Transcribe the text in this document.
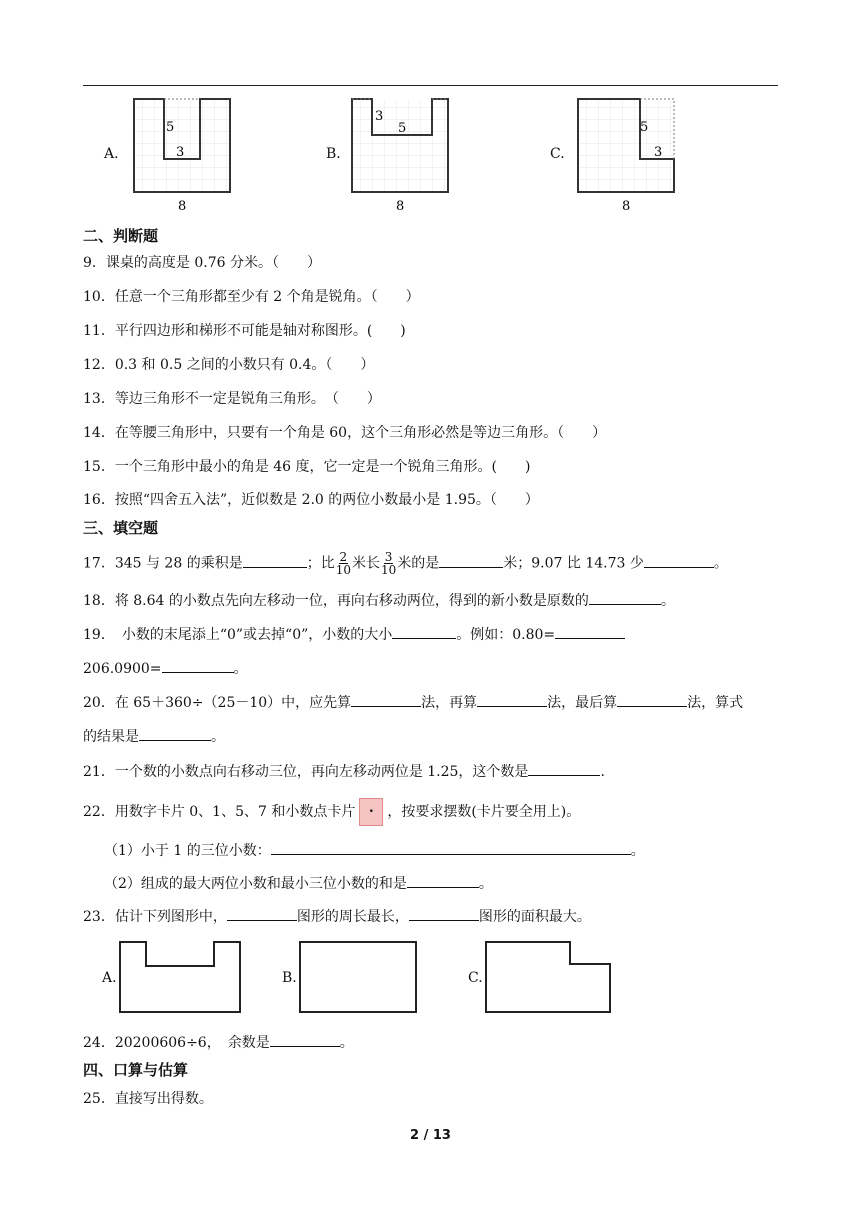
A.
5
3
8
B.
3
5
8
C.
5
3
8
二、判断题
9．课桌的高度是 0.76 分米。（　　）
10．任意一个三角形都至少有 2 个角是锐角。（　　）
11．平行四边形和梯形不可能是轴对称图形。(　　)
12．0.3 和 0.5 之间的小数只有 0.4。（　　）
13．等边三角形不一定是锐角三角形。　（　　）
14．在等腰三角形中，只要有一个角是 60，这个三角形必然是等边三角形。（　　）
15．一个三角形中最小的角是 46 度，它一定是一个锐角三角形。(　　)
16．按照“四舍五入法”，近似数是 2.0 的两位小数最小是 1.95。（　　）
三、填空题
17．345 与 28 的乘积是	；比 $\frac{2}{10}$ 米长 $\frac{3}{10}$ 米的是	米；9.07 比 14.73 少	。
18．将 8.64 的小数点先向左移动一位，再向右移动两位，得到的新小数是原数的	。
19．　小数的末尾添上“0”或去掉“0”，小数的大小	。例如：0.80=
206.0900=	。
20．在 65＋360÷（25－10）中，应先算	法，再算	法，最后算	法，算式
的结果是	。
21．一个数的小数点向右移动三位，再向左移动两位是 1.25，这个数是	.
22．用数字卡片 0、1、5、7 和小数点卡片 . ，按要求摆数(卡片要全用上)。
（1）小于 1 的三位小数：	。
（2）组成的最大两位小数和最小三位小数的和是	。
23．估计下列图形中，	图形的周长最长，	图形的面积最大。
A.	B.	C.
24．20200606÷6，　余数是	。
四、口算与估算
25．直接写出得数。
2 / 13
